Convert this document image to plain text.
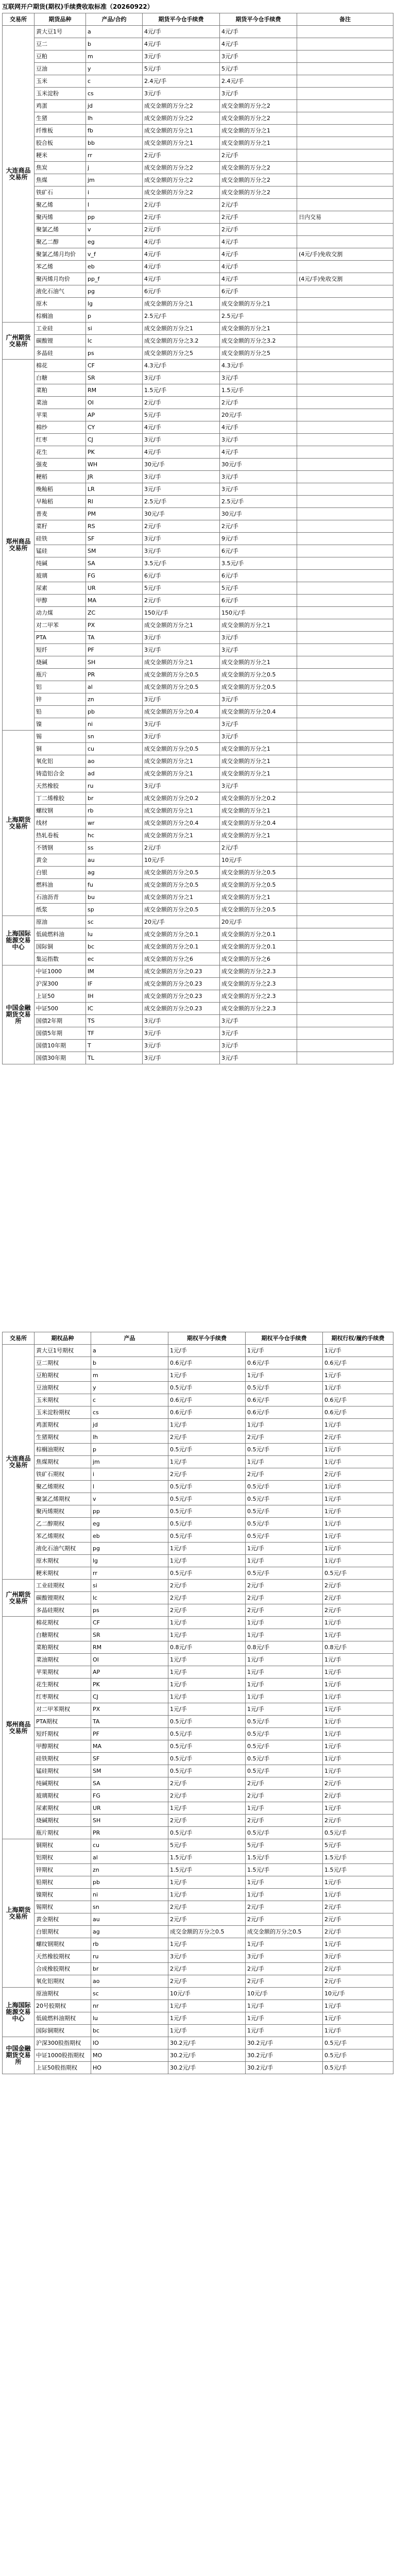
互联网开户期货(期权)手续费收取标准（20260922）
交易所	期货品种	产品/合约	期货平今仓手续费	期货平今仓手续费	备注
大连商品交易所	黄大豆1号	a	4元/手	4元/手	
	豆二	b	4元/手	4元/手	
	豆粕	m	3元/手	3元/手	
	豆油	y	5元/手	5元/手	
	玉米	c	2.4元/手	2.4元/手	
	玉米淀粉	cs	3元/手	3元/手	
	鸡蛋	jd	成交金额的万分之2	成交金额的万分之2	
	生猪	lh	成交金额的万分之2	成交金额的万分之2	
	纤维板	fb	成交金额的万分之1	成交金额的万分之1	
	胶合板	bb	成交金额的万分之1	成交金额的万分之1	
	粳米	rr	2元/手	2元/手	
	焦炭	j	成交金额的万分之2	成交金额的万分之2	
	焦煤	jm	成交金额的万分之2	成交金额的万分之2	
	铁矿石	i	成交金额的万分之2	成交金额的万分之2	
	聚乙烯	l	2元/手	2元/手	
	聚丙烯	pp	2元/手	2元/手	日内交易
	聚氯乙烯	v	2元/手	2元/手	
	聚乙二醇	eg	4元/手	4元/手	
	聚氯乙烯月均价	v_f	4元/手	4元/手	(4元/手)免收交割
	苯乙烯	eb	4元/手	4元/手	
	聚丙烯月均价	pp_f	4元/手	4元/手	(4元/手)免收交割
	液化石油气	pg	6元/手	6元/手	
	原木	lg	成交金额的万分之1	成交金额的万分之1	
	棕榈油	p	2.5元/手	2.5元/手	
广州期货交易所	工业硅	si	成交金额的万分之1	成交金额的万分之1	
	碳酸锂	lc	成交金额的万分之3.2	成交金额的万分之3.2	
	多晶硅	ps	成交金额的万分之5	成交金额的万分之5	
郑州商品交易所	棉花	CF	4.3元/手	4.3元/手	
	白糖	SR	3元/手	3元/手	
	菜粕	RM	1.5元/手	1.5元/手	
	菜油	OI	2元/手	2元/手	
	苹果	AP	5元/手	20元/手	
	棉纱	CY	4元/手	4元/手	
	红枣	CJ	3元/手	3元/手	
	花生	PK	4元/手	4元/手	
	强麦	WH	30元/手	30元/手	
	粳稻	JR	3元/手	3元/手	
	晚籼稻	LR	3元/手	3元/手	
	早籼稻	RI	2.5元/手	2.5元/手	
	普麦	PM	30元/手	30元/手	
	菜籽	RS	2元/手	2元/手	
	硅铁	SF	3元/手	9元/手	
	锰硅	SM	3元/手	6元/手	
	纯碱	SA	3.5元/手	3.5元/手	
	玻璃	FG	6元/手	6元/手	
	尿素	UR	5元/手	5元/手	
	甲醇	MA	2元/手	6元/手	
	动力煤	ZC	150元/手	150元/手	
	对二甲苯	PX	成交金额的万分之1	成交金额的万分之1	
	PTA	TA	3元/手	3元/手	
	短纤	PF	3元/手	3元/手	
	烧碱	SH	成交金额的万分之1	成交金额的万分之1	
	瓶片	PR	成交金额的万分之0.5	成交金额的万分之0.5	
	铝	al	成交金额的万分之0.5	成交金额的万分之0.5	
	锌	zn	3元/手	3元/手	
	铅	pb	成交金额的万分之0.4	成交金额的万分之0.4	
	镍	ni	3元/手	3元/手	
上海期货交易所	锡	sn	3元/手	3元/手	
	铜	cu	成交金额的万分之0.5	成交金额的万分之1	
	氧化铝	ao	成交金额的万分之1	成交金额的万分之1	
	铸造铝合金	ad	成交金额的万分之1	成交金额的万分之1	
	天然橡胶	ru	3元/手	3元/手	
	丁二烯橡胶	br	成交金额的万分之0.2	成交金额的万分之0.2	
	螺纹钢	rb	成交金额的万分之1	成交金额的万分之1	
	线材	wr	成交金额的万分之0.4	成交金额的万分之0.4	
	热轧卷板	hc	成交金额的万分之1	成交金额的万分之1	
	不锈钢	ss	2元/手	2元/手	
	黄金	au	10元/手	10元/手	
	白银	ag	成交金额的万分之0.5	成交金额的万分之0.5	
	燃料油	fu	成交金额的万分之0.5	成交金额的万分之0.5	
	石油沥青	bu	成交金额的万分之1	成交金额的万分之1	
	纸浆	sp	成交金额的万分之0.5	成交金额的万分之0.5	
上海国际能源交易中心	原油	sc	20元/手	20元/手	
	低硫燃料油	lu	成交金额的万分之0.1	成交金额的万分之0.1	
	国际铜	bc	成交金额的万分之0.1	成交金额的万分之0.1	
	集运指数	ec	成交金额的万分之6	成交金额的万分之6	
中国金融期货交易所	中证1000	IM	成交金额的万分之0.23	成交金额的万分之2.3	
	沪深300	IF	成交金额的万分之0.23	成交金额的万分之2.3	
	上证50	IH	成交金额的万分之0.23	成交金额的万分之2.3	
	中证500	IC	成交金额的万分之0.23	成交金额的万分之2.3	
	国债2年期	TS	3元/手	3元/手	
	国债5年期	TF	3元/手	3元/手	
	国债10年期	T	3元/手	3元/手	
	国债30年期	TL	3元/手	3元/手	
交易所	期权品种	产品	期权平今手续费	期权平今仓手续费	期权行权/履约手续费
大连商品交易所	黄大豆1号期权	a	1元/手	1元/手	1元/手
	豆二期权	b	0.6元/手	0.6元/手	0.6元/手
	豆粕期权	m	1元/手	1元/手	1元/手
	豆油期权	y	0.5元/手	0.5元/手	1元/手
	玉米期权	c	0.6元/手	0.6元/手	0.6元/手
	玉米淀粉期权	cs	0.6元/手	0.6元/手	0.6元/手
	鸡蛋期权	jd	1元/手	1元/手	1元/手
	生猪期权	lh	2元/手	2元/手	2元/手
	棕榈油期权	p	0.5元/手	0.5元/手	1元/手
	焦煤期权	jm	1元/手	1元/手	1元/手
	铁矿石期权	i	2元/手	2元/手	2元/手
	聚乙烯期权	l	0.5元/手	0.5元/手	1元/手
	聚氯乙烯期权	v	0.5元/手	0.5元/手	1元/手
	聚丙烯期权	pp	0.5元/手	0.5元/手	1元/手
	乙二醇期权	eg	0.5元/手	0.5元/手	1元/手
	苯乙烯期权	eb	0.5元/手	0.5元/手	1元/手
	液化石油气期权	pg	1元/手	1元/手	1元/手
	原木期权	lg	1元/手	1元/手	1元/手
	粳米期权	rr	0.5元/手	0.5元/手	0.5元/手
广州期货交易所	工业硅期权	si	2元/手	2元/手	2元/手
	碳酸锂期权	lc	2元/手	2元/手	2元/手
	多晶硅期权	ps	2元/手	2元/手	2元/手
郑州商品交易所	棉花期权	CF	1元/手	1元/手	1元/手
	白糖期权	SR	1元/手	1元/手	1元/手
	菜粕期权	RM	0.8元/手	0.8元/手	0.8元/手
	菜油期权	OI	1元/手	1元/手	1元/手
	苹果期权	AP	1元/手	1元/手	1元/手
	花生期权	PK	1元/手	1元/手	1元/手
	红枣期权	CJ	1元/手	1元/手	1元/手
	对二甲苯期权	PX	1元/手	1元/手	1元/手
	PTA期权	TA	0.5元/手	0.5元/手	1元/手
	短纤期权	PF	0.5元/手	0.5元/手	1元/手
	甲醇期权	MA	0.5元/手	0.5元/手	1元/手
	硅铁期权	SF	0.5元/手	0.5元/手	1元/手
	锰硅期权	SM	0.5元/手	0.5元/手	1元/手
	纯碱期权	SA	2元/手	2元/手	2元/手
	玻璃期权	FG	2元/手	2元/手	2元/手
	尿素期权	UR	1元/手	1元/手	1元/手
	烧碱期权	SH	2元/手	2元/手	2元/手
	瓶片期权	PR	0.5元/手	0.5元/手	0.5元/手
上海期货交易所	铜期权	cu	5元/手	5元/手	5元/手
	铝期权	al	1.5元/手	1.5元/手	1.5元/手
	锌期权	zn	1.5元/手	1.5元/手	1.5元/手
	铅期权	pb	1元/手	1元/手	1元/手
	镍期权	ni	1元/手	1元/手	1元/手
	锡期权	sn	2元/手	2元/手	2元/手
	黄金期权	au	2元/手	2元/手	2元/手
	白银期权	ag	成交金额的万分之0.5	成交金额的万分之0.5	2元/手
	螺纹钢期权	rb	1元/手	1元/手	1元/手
	天然橡胶期权	ru	3元/手	3元/手	3元/手
	合成橡胶期权	br	2元/手	2元/手	2元/手
	氧化铝期权	ao	2元/手	2元/手	2元/手
上海国际能源交易中心	原油期权	sc	10元/手	10元/手	10元/手
	20号胶期权	nr	1元/手	1元/手	1元/手
	低硫燃料油期权	lu	1元/手	1元/手	1元/手
	国际铜期权	bc	1元/手	1元/手	1元/手
中国金融期货交易所	沪深300股指期权	IO	30.2元/手	30.2元/手	0.5元/手
	中证1000股指期权	MO	30.2元/手	30.2元/手	0.5元/手
	上证50股指期权	HO	30.2元/手	30.2元/手	0.5元/手
